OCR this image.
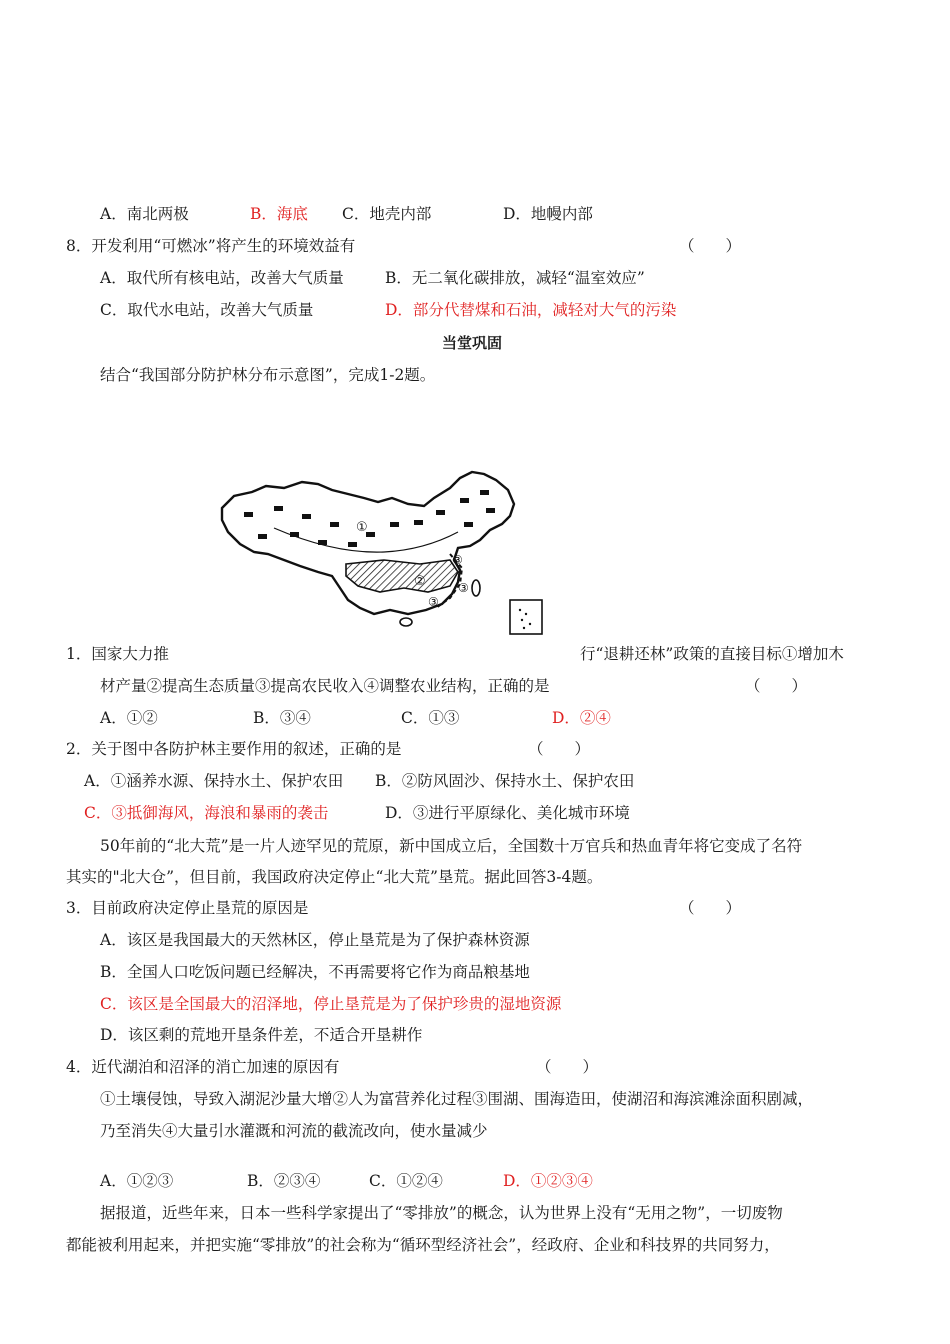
A．南北两极	B．海底 C．地壳内部	D．地幔内部
8．开发利用“可燃冰”将产生的环境效益有	（　　）
A．取代所有核电站，改善大气质量	B．无二氧化碳排放，减轻“温室效应”
C．取代水电站，改善大气质量	D．部分代替煤和石油，减轻对大气的污染
当堂巩固
结合“我国部分防护林分布示意图”，完成1-2题。
①
②
③
③
③
1．国家大力推	行“退耕还林”政策的直接目标①增加木
材产量②提高生态质量③提高农民收入④调整农业结构，正确的是	（　　）
A．①②	B．③④	C．①③	D．②④
2．关于图中各防护林主要作用的叙述，正确的是	（　　）
A．①涵养水源、保持水土、保护农田 B．②防风固沙、保持水土、保护农田
C．③抵御海风，海浪和暴雨的袭击	D．③进行平原绿化、美化城市环境
50年前的“北大荒”是一片人迹罕见的荒原，新中国成立后，全国数十万官兵和热血青年将它变成了名符
其实的"北大仓”，但目前，我国政府决定停止“北大荒”垦荒。据此回答3-4题。
3．目前政府决定停止垦荒的原因是	（　　）
A．该区是我国最大的天然林区，停止垦荒是为了保护森林资源
B．全国人口吃饭问题已经解决，不再需要将它作为商品粮基地
C．该区是全国最大的沼泽地，停止垦荒是为了保护珍贵的湿地资源
D．该区剩的荒地开垦条件差，不适合开垦耕作
4．近代湖泊和沼泽的消亡加速的原因有	（　　）
①土壤侵蚀，导致入湖泥沙量大增②人为富营养化过程③围湖、围海造田，使湖沼和海滨滩涂面积剧减，
乃至消失④大量引水灌溉和河流的截流改向，使水量减少
A．①②③	B．②③④	C．①②④	D．①②③④
据报道，近些年来，日本一些科学家提出了“零排放”的概念，认为世界上没有“无用之物”，一切废物
都能被利用起来，并把实施“零排放”的社会称为“循环型经济社会”，经政府、企业和科技界的共同努力，
